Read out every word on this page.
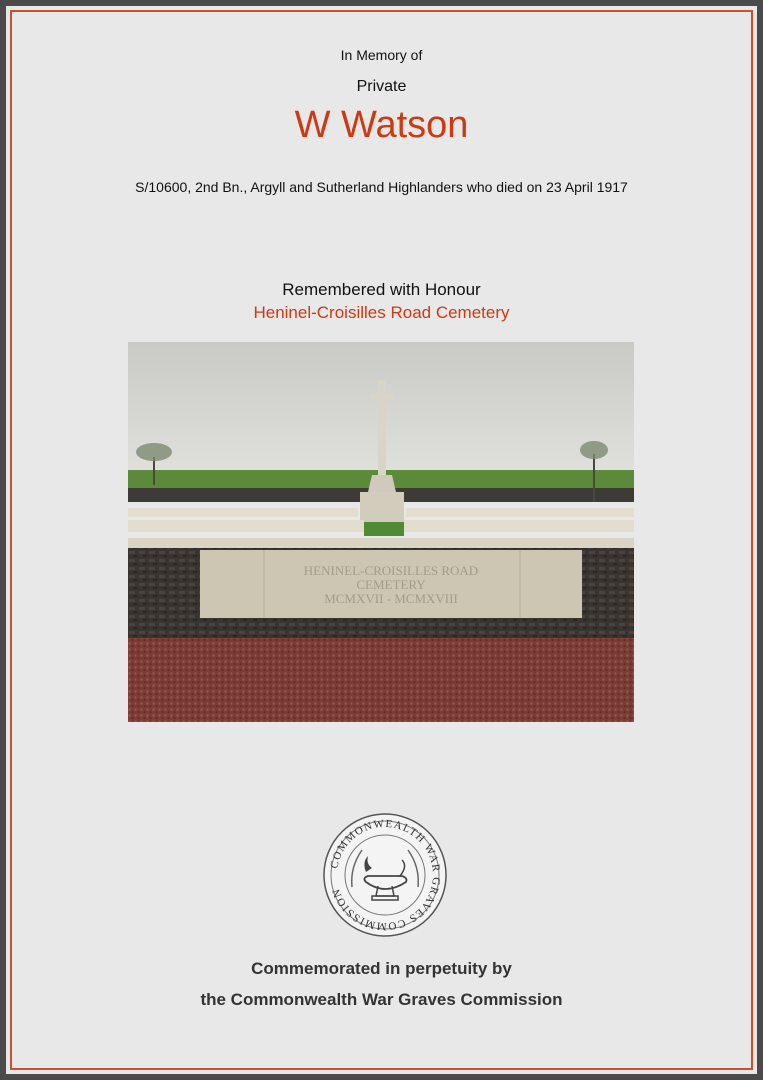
In Memory of
Private
W Watson
S/10600, 2nd Bn., Argyll and Sutherland Highlanders who died on 23 April 1917
Remembered with Honour
Heninel-Croisilles Road Cemetery
HENINEL-CROISILLES ROAD
CEMETERY
MCMXVII - MCMXVIII
COMMONWEALTH WAR GRAVES COMMISSION
Commemorated in perpetuity by
the Commonwealth War Graves Commission
